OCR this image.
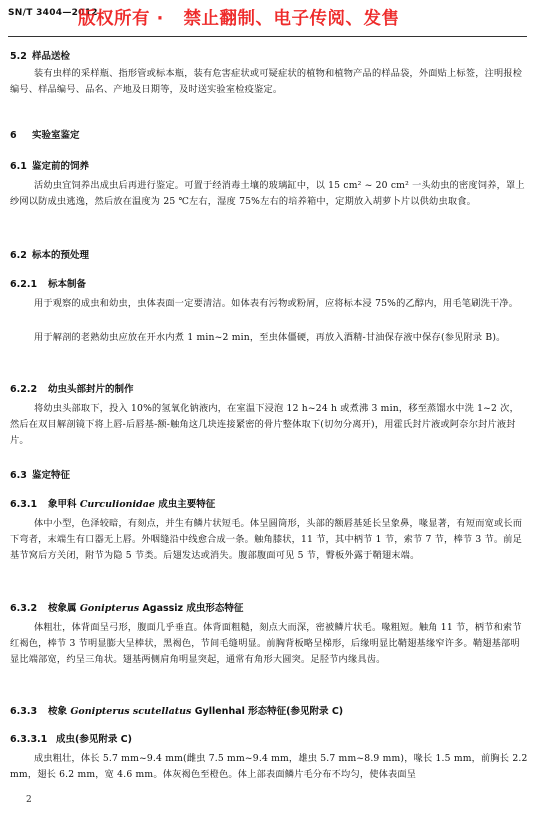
SN/T 3404—2012
版权所有 ·   禁止翻制、电子传阅、发售
5.2 样品送检
装有虫样的采样瓶、指形管或标本瓶，装有危害症状或可疑症状的植物和植物产品的样品袋，外面贴上标签，注明报检编号、样品编号、品名、产地及日期等，及时送实验室检疫鉴定。
6 实验室鉴定
6.1 鉴定前的饲养
活幼虫宜饲养出成虫后再进行鉴定。可置于经消毒土壤的玻璃缸中，以 15 cm² ~ 20 cm² 一头幼虫的密度饲养，罩上纱网以防成虫逃逸，然后放在温度为 25 ℃左右，湿度 75%左右的培养箱中，定期放入胡萝卜片以供幼虫取食。
6.2 标本的预处理
6.2.1 标本制备
用于观察的成虫和幼虫，虫体表面一定要清洁。如体表有污物或粉屑，应将标本浸 75%的乙醇内，用毛笔刷洗干净。
用于解剖的老熟幼虫应放在开水内煮 1 min~2 min，至虫体僵硬，再放入酒精-甘油保存液中保存(参见附录 B)。
6.2.2 幼虫头部封片的制作
将幼虫头部取下，投入 10%的氢氧化钠液内，在室温下浸泡 12 h~24 h 或煮沸 3 min，移至蒸馏水中洗 1~2 次，然后在双目解剖镜下将上唇-后唇基-额-触角这几块连接紧密的骨片整体取下(切勿分离开)，用霍氏封片液或阿奈尔封片液封片。
6.3 鉴定特征
6.3.1 象甲科 Curculionidae 成虫主要特征
体中小型，色泽较暗，有刻点，并生有鳞片状短毛。体呈圆筒形，头部的额唇基延长呈象鼻，喙显著，有短而宽或长而下弯者，末端生有口器无上唇。外咽缝沿中线愈合成一条。触角膝状，11 节，其中柄节 1 节，索节 7 节，棒节 3 节。前足基节窝后方关闭，附节为隐 5 节类。后翅发达或消失。腹部腹面可见 5 节，臀板外露于鞘翅末端。
6.3.2 桉象属 Gonipterus Agassiz 成虫形态特征
体粗壮，体背面呈弓形，腹面几乎垂直。体背面粗糙，刻点大而深，密被鳞片状毛。喙粗短。触角 11 节，柄节和索节红褐色，棒节 3 节明显膨大呈棒状，黑褐色，节间毛缝明显。前胸背板略呈梯形，后缘明显比鞘翅基缘窄许多。鞘翅基部明显比端部宽，约呈三角状。翅基两侧肩角明显突起，通常有角形大圆突。足胫节内缘具齿。
6.3.3 桉象 Gonipterus scutellatus Gyllenhal 形态特征(参见附录 C)
6.3.3.1 成虫(参见附录 C)
成虫粗壮，体长 5.7 mm~9.4 mm(雌虫 7.5 mm~9.4 mm，雄虫 5.7 mm~8.9 mm)，喙长 1.5 mm，前胸长 2.2 mm，翅长 6.2 mm，宽 4.6 mm。体灰褐色至橙色。体上部表面鳞片毛分布不均匀，使体表面呈
2
